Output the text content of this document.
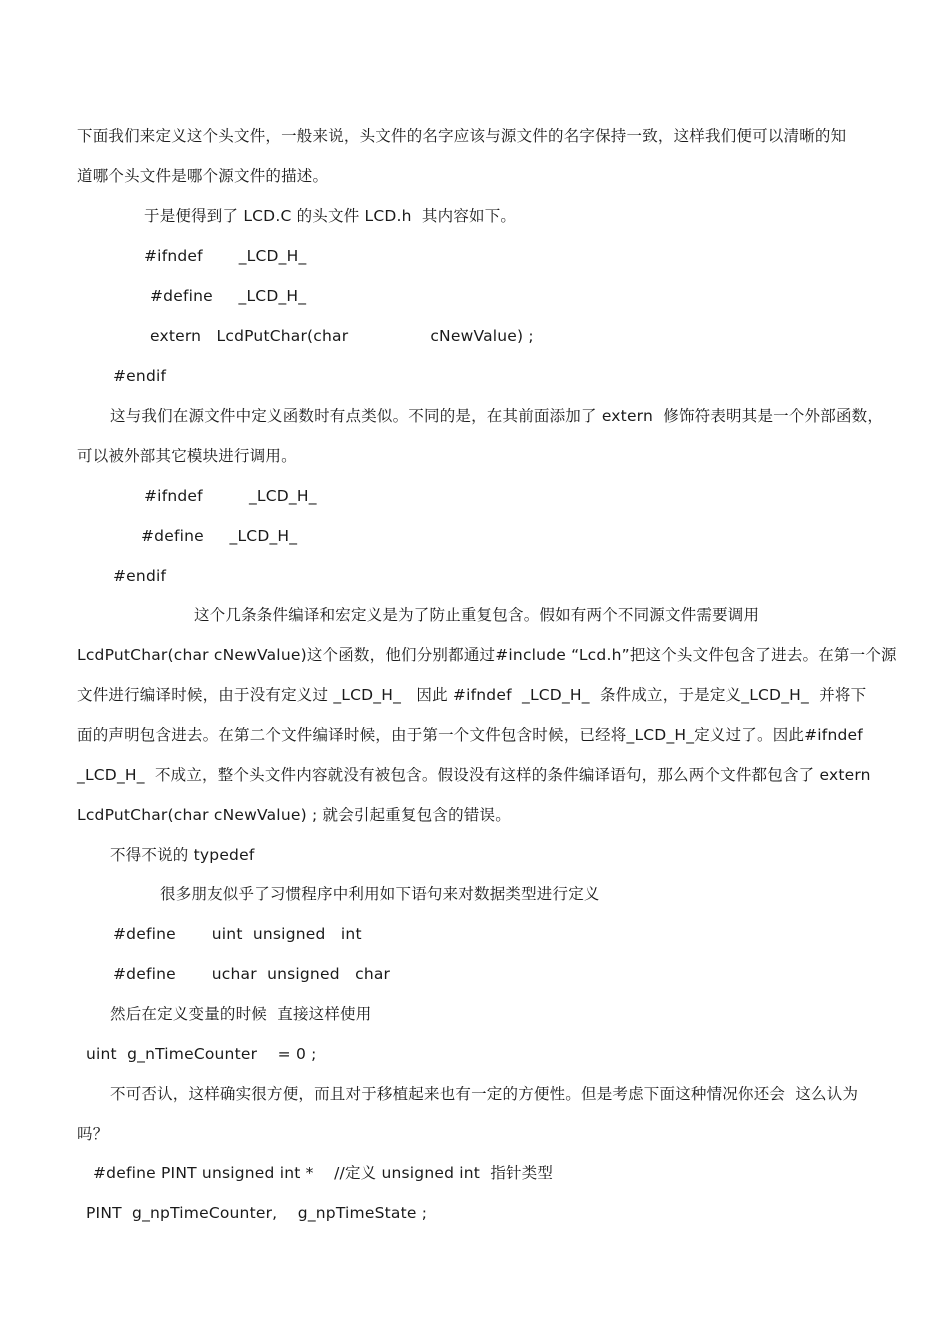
下面我们来定义这个头文件，一般来说，头文件的名字应该与源文件的名字保持一致，这样我们便可以清晰的知
道哪个头文件是哪个源文件的描述。
于是便得到了 LCD.C 的头文件 LCD.h  其内容如下。
#ifndef       _LCD_H_
#define     _LCD_H_
extern   LcdPutChar(char                cNewValue) ;
#endif
这与我们在源文件中定义函数时有点类似。不同的是，在其前面添加了 extern  修饰符表明其是一个外部函数，
可以被外部其它模块进行调用。
#ifndef         _LCD_H_
#define     _LCD_H_
#endif
这个几条条件编译和宏定义是为了防止重复包含。假如有两个不同源文件需要调用
LcdPutChar(char cNewValue)这个函数，他们分别都通过#include “Lcd.h”把这个头文件包含了进去。在第一个源
文件进行编译时候，由于没有定义过 _LCD_H_   因此 #ifndef  _LCD_H_  条件成立，于是定义_LCD_H_  并将下
面的声明包含进去。在第二个文件编译时候，由于第一个文件包含时候，已经将_LCD_H_定义过了。因此#ifndef
_LCD_H_  不成立，整个头文件内容就没有被包含。假设没有这样的条件编译语句，那么两个文件都包含了 extern
LcdPutChar(char cNewValue) ; 就会引起重复包含的错误。
不得不说的 typedef
很多朋友似乎了习惯程序中利用如下语句来对数据类型进行定义
#define       uint  unsigned   int
#define       uchar  unsigned   char
然后在定义变量的时候  直接这样使用
uint  g_nTimeCounter    = 0 ;
不可否认，这样确实很方便，而且对于移植起来也有一定的方便性。但是考虑下面这种情况你还会  这么认为
吗？
#define PINT unsigned int *    //定义 unsigned int  指针类型
PINT  g_npTimeCounter,    g_npTimeState ;
